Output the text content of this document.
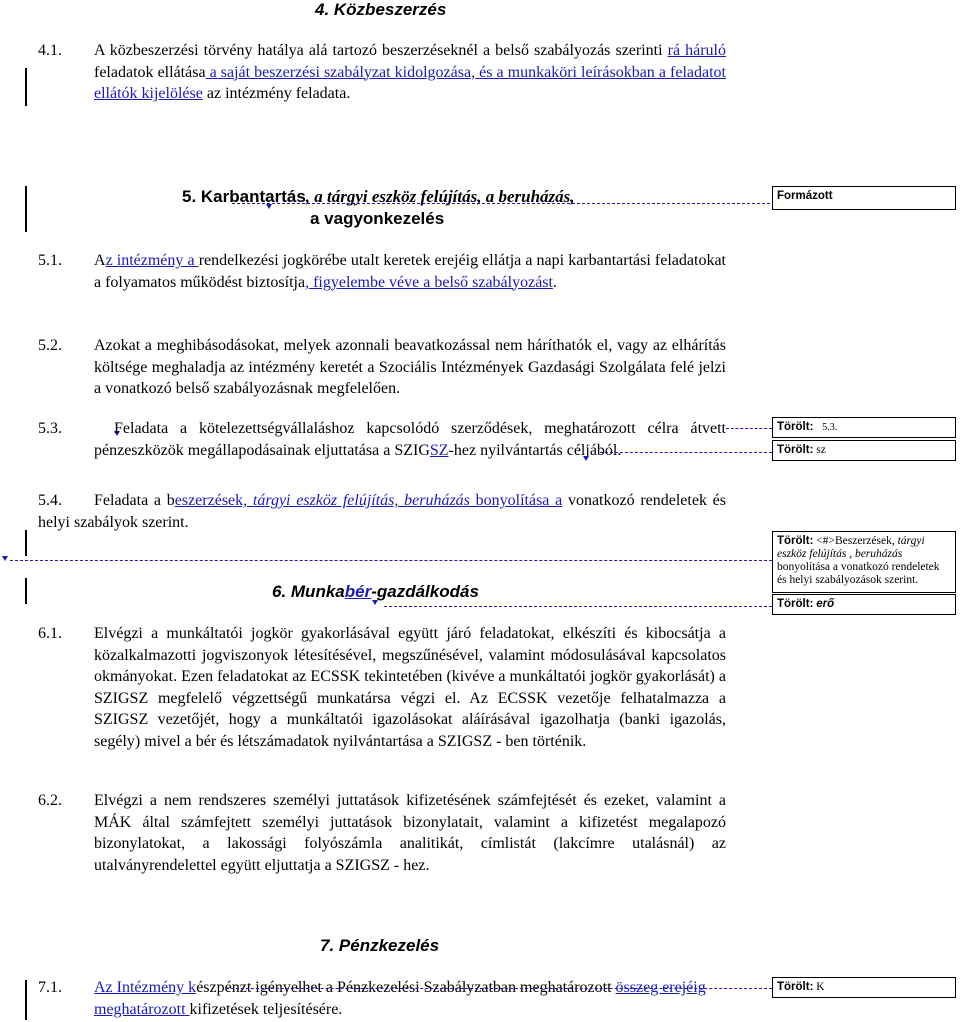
4. Közbeszerzés
4.1. A közbeszerzési törvény hatálya alá tartozó beszerzéseknél a belső szabályozás szerinti rá háruló feladatok ellátása a saját beszerzési szabályzat kidolgozása, és a munkaköri leírásokban a feladatot ellátók kijelölése az intézmény feladata.
5. Karbantartás, a tárgyi eszköz felújítás, a beruházás,
a vagyonkezelés
Formázott
5.1. Az intézmény a rendelkezési jogkörébe utalt keretek erejéig ellátja a napi karbantartási feladatokat a folyamatos működést biztosítja, figyelembe véve a belső szabályozást.
5.2. Azokat a meghibásodásokat, melyek azonnali beavatkozással nem háríthatók el, vagy az elhárítás költsége meghaladja az intézmény keretét a Szociális Intézmények Gazdasági Szolgálata felé jelzi a vonatkozó belső szabályozásnak megfelelően.
5.3.	Feladata a kötelezettségvállaláshoz kapcsolódó szerződések, meghatározott célra átvett pénzeszközök megállapodásainak eljuttatása a SZIGSZ-hez nyilvántartás céljából.
Törölt: 5.3.
Törölt: sz
5.4.	Feladata a beszerzések, tárgyi eszköz felújítás, beruházás bonyolítása a vonatkozó rendeletek és helyi szabályok szerint.
Törölt: <#>Beszerzések, tárgyi eszköz felújítás , beruházás bonyolítása a vonatkozó rendeletek és helyi szabályozások szerint.
6. Munkabér-gazdálkodás
Törölt: erő
6.1. Elvégzi a munkáltatói jogkör gyakorlásával együtt járó feladatokat, elkészíti és kibocsátja a közalkalmazotti jogviszonyok létesítésével, megszűnésével, valamint módosulásával kapcsolatos okmányokat. Ezen feladatokat az ECSSK tekintetében (kivéve a munkáltatói jogkör gyakorlását) a SZIGSZ megfelelő végzettségű munkatársa végzi el. Az ECSSK vezetője felhatalmazza a SZIGSZ vezetőjét, hogy a munkáltatói igazolásokat aláírásával igazolhatja (banki igazolás, segély) mivel a bér és létszámadatok nyilvántartása a SZIGSZ - ben történik.
6.2. Elvégzi a nem rendszeres személyi juttatások kifizetésének számfejtését és ezeket, valamint a MÁK által számfejtett személyi juttatások bizonylatait, valamint a kifizetést megalapozó bizonylatokat, a lakossági folyószámla analitikát, címlistát (lakcímre utalásnál) az utalványrendelettel együtt eljuttatja a SZIGSZ - hez.
7. Pénzkezelés
7.1. Az Intézmény készpénzt igényelhet a Pénzkezelési Szabályzatban meghatározott összeg erejéig meghatározott kifizetések teljesítésére.
Törölt: K
